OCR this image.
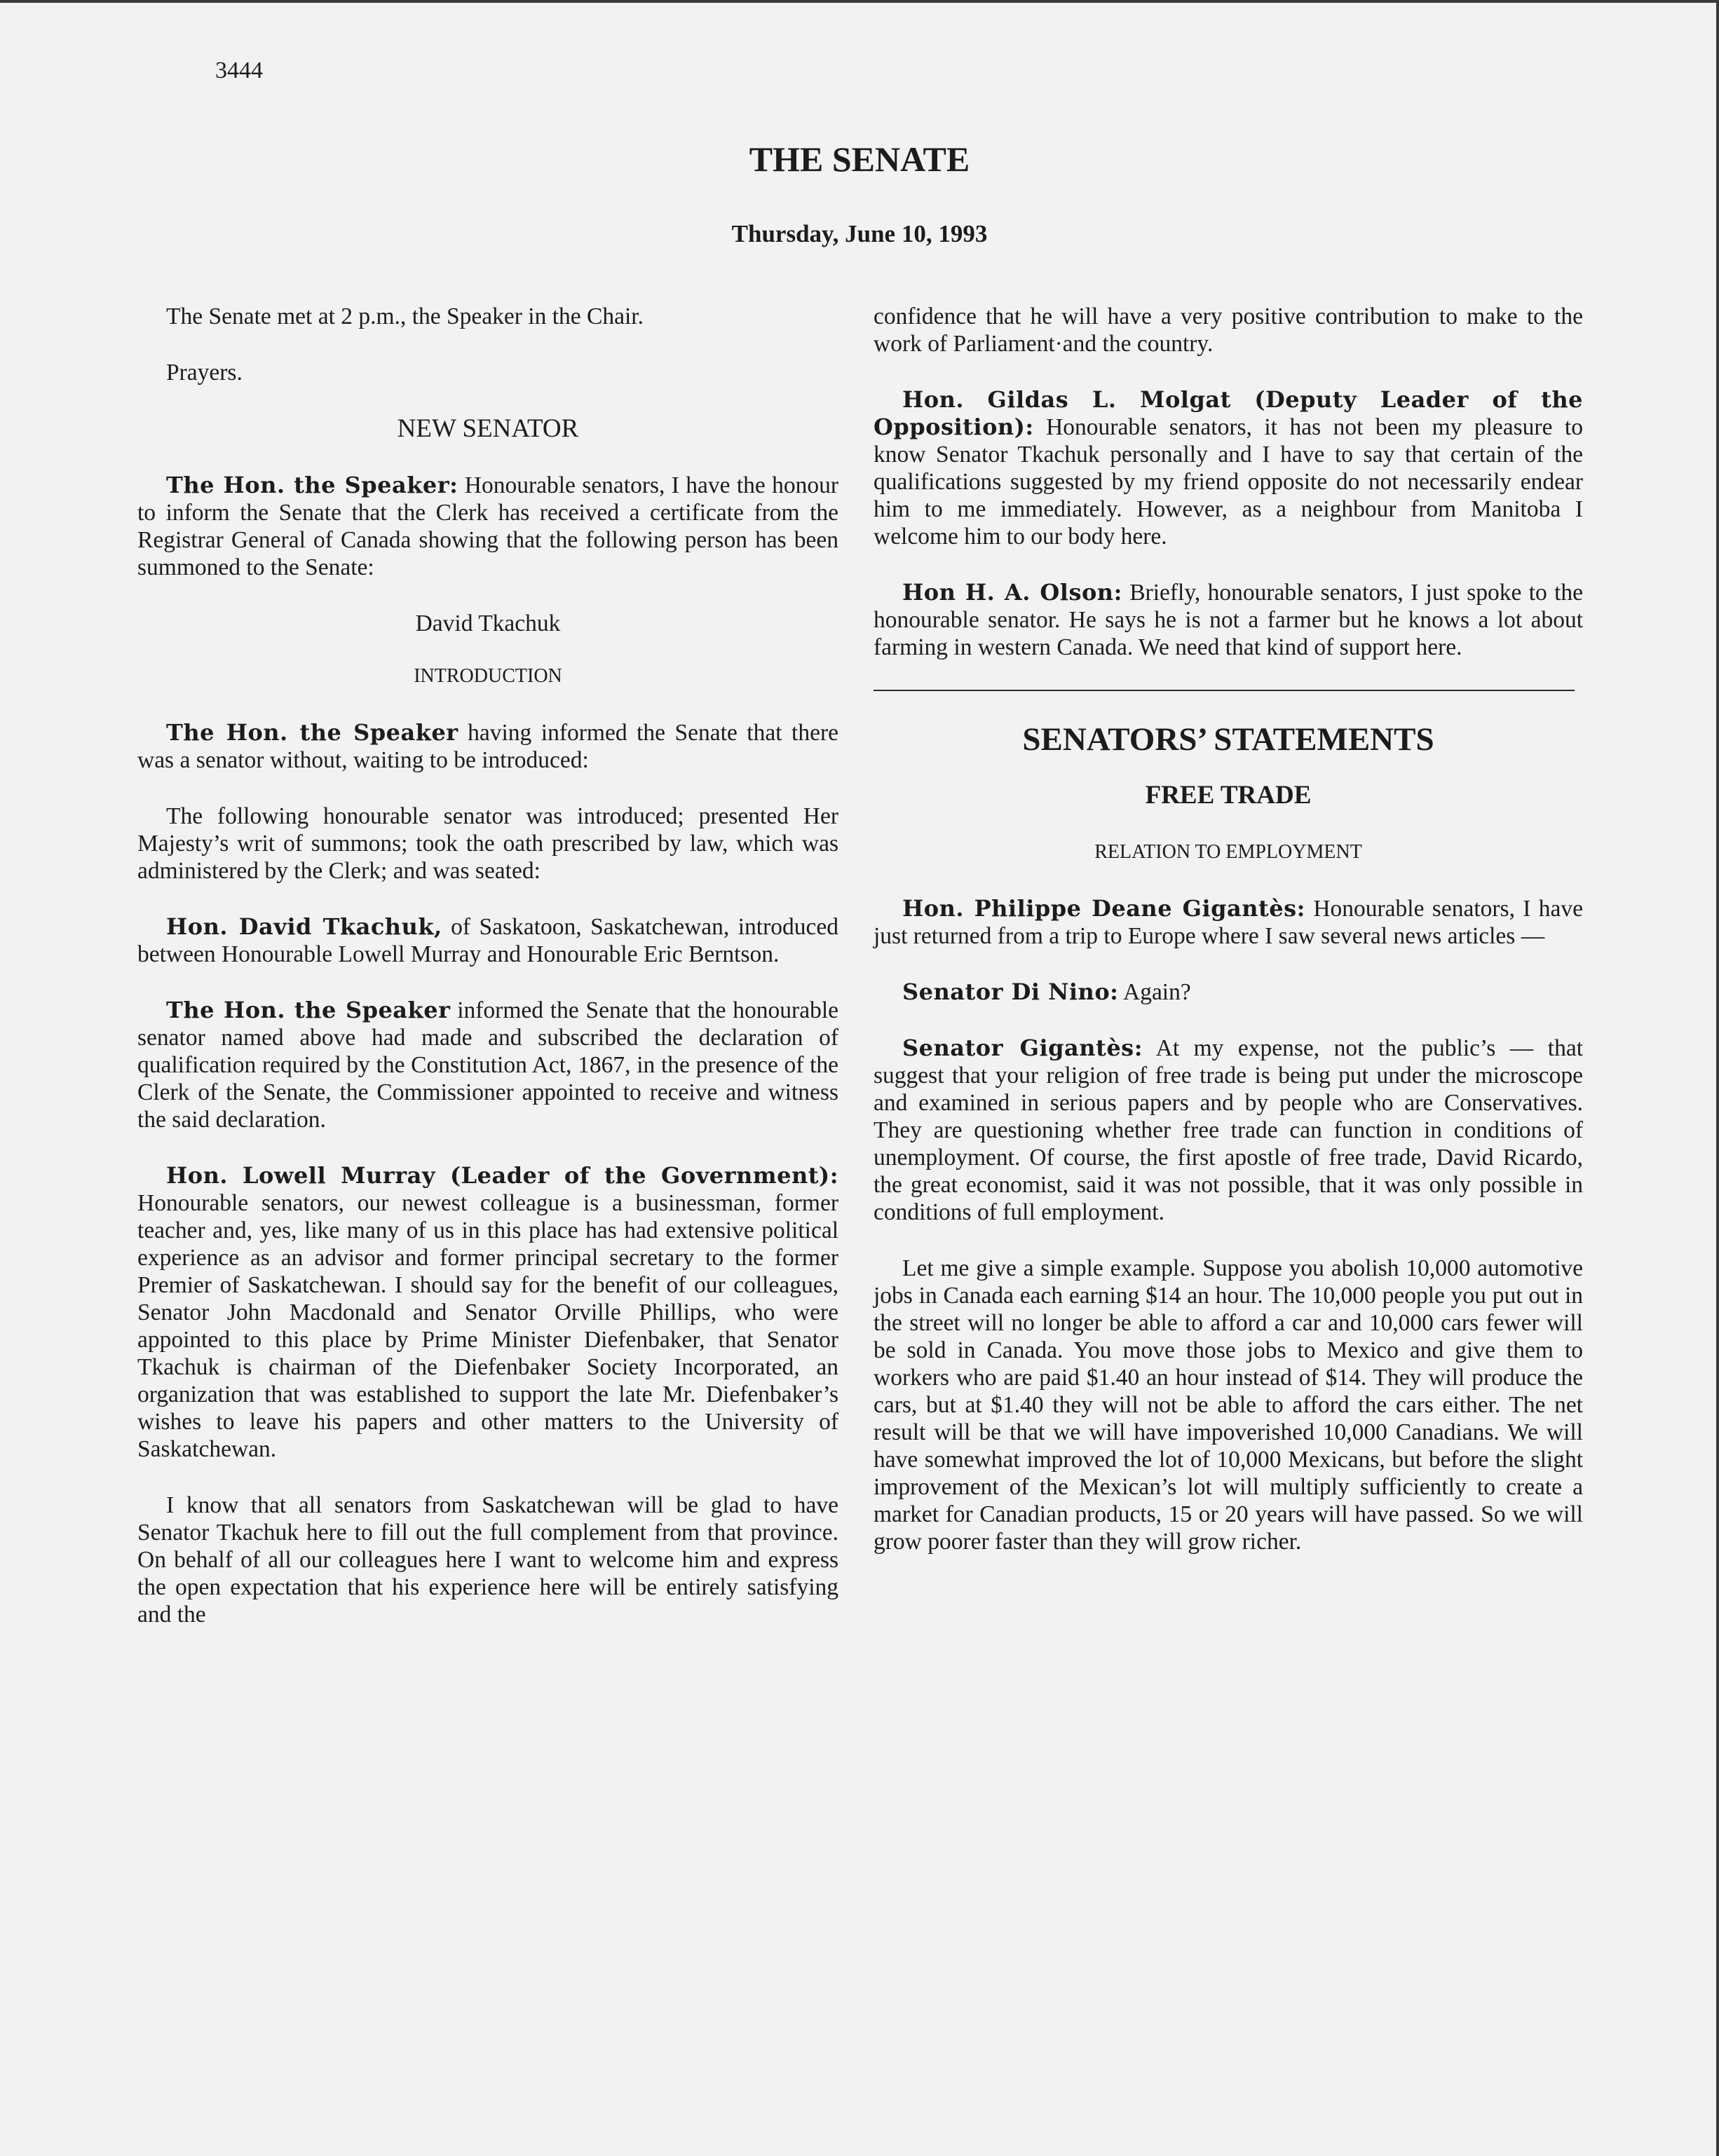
3444
THE SENATE
Thursday, June 10, 1993

The Senate met at 2 p.m., the Speaker in the Chair.

Prayers.

NEW SENATOR

The Hon. the Speaker: Honourable senators, I have the honour to inform the Senate that the Clerk has received a certificate from the Registrar General of Canada showing that the following person has been summoned to the Senate:

David Tkachuk
INTRODUCTION

The Hon. the Speaker having informed the Senate that there was a senator without, waiting to be introduced:

The following honourable senator was introduced; presented Her Majesty’s writ of summons; took the oath prescribed by law, which was administered by the Clerk; and was seated:

Hon. David Tkachuk, of Saskatoon, Saskatchewan, introduced between Honourable Lowell Murray and Honourable Eric Berntson.

The Hon. the Speaker informed the Senate that the honourable senator named above had made and subscribed the declaration of qualification required by the Constitution Act, 1867, in the presence of the Clerk of the Senate, the Commissioner appointed to receive and witness the said declaration.

Hon. Lowell Murray (Leader of the Government): Honourable senators, our newest colleague is a businessman, former teacher and, yes, like many of us in this place has had extensive political experience as an advisor and former principal secretary to the former Premier of Saskatchewan. I should say for the benefit of our colleagues, Senator John Macdonald and Senator Orville Phillips, who were appointed to this place by Prime Minister Diefenbaker, that Senator Tkachuk is chairman of the Diefenbaker Society Incorporated, an organization that was established to support the late Mr. Diefenbaker’s wishes to leave his papers and other matters to the University of Saskatchewan.

I know that all senators from Saskatchewan will be glad to have Senator Tkachuk here to fill out the full complement from that province. On behalf of all our colleagues here I want to welcome him and express the open expectation that his experience here will be entirely satisfying and the

confidence that he will have a very positive contribution to make to the work of Parliament·and the country.

Hon. Gildas L. Molgat (Deputy Leader of the Opposition): Honourable senators, it has not been my pleasure to know Senator Tkachuk personally and I have to say that certain of the qualifications suggested by my friend opposite do not necessarily endear him to me immediately. However, as a neighbour from Manitoba I welcome him to our body here.

Hon H. A. Olson: Briefly, honourable senators, I just spoke to the honourable senator. He says he is not a farmer but he knows a lot about farming in western Canada. We need that kind of support here.

SENATORS’ STATEMENTS
FREE TRADE
RELATION TO EMPLOYMENT

Hon. Philippe Deane Gigantès: Honourable senators, I have just returned from a trip to Europe where I saw several news articles —

Senator Di Nino: Again?

Senator Gigantès: At my expense, not the public’s — that suggest that your religion of free trade is being put under the microscope and examined in serious papers and by people who are Conservatives. They are questioning whether free trade can function in conditions of unemployment. Of course, the first apostle of free trade, David Ricardo, the great economist, said it was not possible, that it was only possible in conditions of full employment.

Let me give a simple example. Suppose you abolish 10,000 automotive jobs in Canada each earning $14 an hour. The 10,000 people you put out in the street will no longer be able to afford a car and 10,000 cars fewer will be sold in Canada. You move those jobs to Mexico and give them to workers who are paid $1.40 an hour instead of $14. They will produce the cars, but at $1.40 they will not be able to afford the cars either. The net result will be that we will have impoverished 10,000 Canadians. We will have somewhat improved the lot of 10,000 Mexicans, but before the slight improvement of the Mexican’s lot will multiply sufficiently to create a market for Canadian products, 15 or 20 years will have passed. So we will grow poorer faster than they will grow richer.
